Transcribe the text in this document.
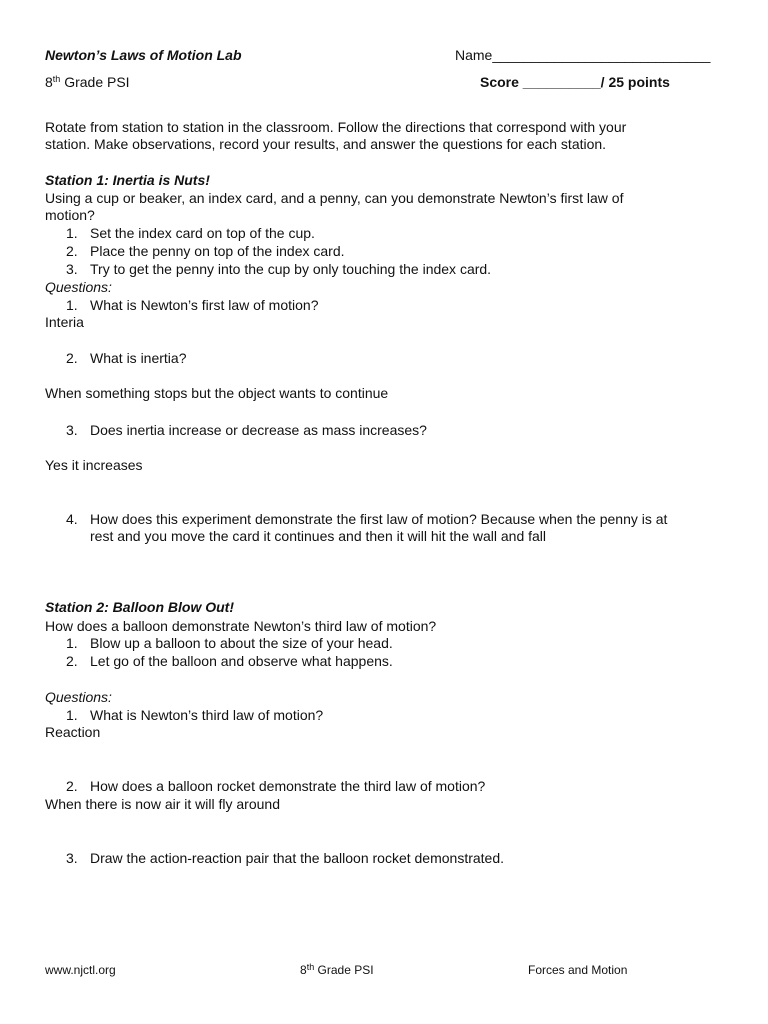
Newton’s Laws of Motion Lab	Name____________________________
8th Grade PSI	Score __________/ 25 points
Rotate from station to station in the classroom. Follow the directions that correspond with your
station. Make observations, record your results, and answer the questions for each station.
Station 1: Inertia is Nuts!
Using a cup or beaker, an index card, and a penny, can you demonstrate Newton’s first law of
motion?
1. Set the index card on top of the cup.
2. Place the penny on top of the index card.
3. Try to get the penny into the cup by only touching the index card.
Questions:
1. What is Newton’s first law of motion?
Interia
2. What is inertia?
When something stops but the object wants to continue
3. Does inertia increase or decrease as mass increases?
Yes it increases
4. How does this experiment demonstrate the first law of motion? Because when the penny is at
rest and you move the card it continues and then it will hit the wall and fall
Station 2: Balloon Blow Out!
How does a balloon demonstrate Newton’s third law of motion?
1. Blow up a balloon to about the size of your head.
2. Let go of the balloon and observe what happens.
Questions:
1. What is Newton’s third law of motion?
Reaction
2. How does a balloon rocket demonstrate the third law of motion?
When there is now air it will fly around
3. Draw the action-reaction pair that the balloon rocket demonstrated.
www.njctl.org	8th Grade PSI	Forces and Motion
